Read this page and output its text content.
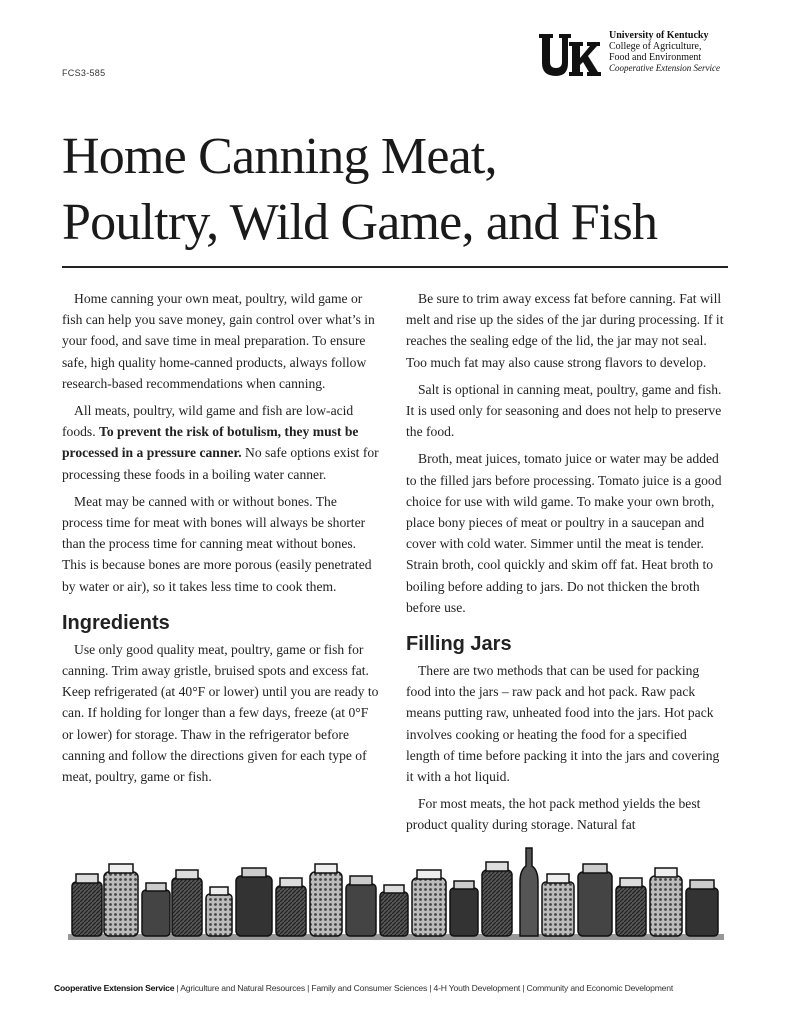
FCS3-585
University of Kentucky
College of Agriculture,
Food and Environment
Cooperative Extension Service
Home Canning Meat,
Poultry, Wild Game, and Fish

Home canning your own meat, poultry, wild game or fish can help you save money, gain control over what’s in your food, and save time in meal preparation. To ensure safe, high quality home-canned products, always follow research-based recommendations when canning.

All meats, poultry, wild game and fish are low-acid foods. To prevent the risk of botulism, they must be processed in a pressure canner. No safe options exist for processing these foods in a boiling water canner.

Meat may be canned with or without bones. The process time for meat with bones will always be shorter than the process time for canning meat without bones. This is because bones are more porous (easily penetrated by water or air), so it takes less time to cook them.

Ingredients

Use only good quality meat, poultry, game or fish for canning. Trim away gristle, bruised spots and excess fat. Keep refrigerated (at 40°F or lower) until you are ready to can. If holding for longer than a few days, freeze (at 0°F or lower) for storage. Thaw in the refrigerator before canning and follow the directions given for each type of meat, poultry, game or fish.

Be sure to trim away excess fat before canning. Fat will melt and rise up the sides of the jar during processing. If it reaches the sealing edge of the lid, the jar may not seal. Too much fat may also cause strong flavors to develop.

Salt is optional in canning meat, poultry, game and fish. It is used only for seasoning and does not help to preserve the food.

Broth, meat juices, tomato juice or water may be added to the filled jars before processing. Tomato juice is a good choice for use with wild game. To make your own broth, place bony pieces of meat or poultry in a saucepan and cover with cold water. Simmer until the meat is tender. Strain broth, cool quickly and skim off fat. Heat broth to boiling before adding to jars. Do not thicken the broth before use.

Filling Jars

There are two methods that can be used for packing food into the jars – raw pack and hot pack. Raw pack means putting raw, unheated food into the jars. Hot pack involves cooking or heating the food for a specified length of time before packing it into the jars and covering it with a hot liquid.

For most meats, the hot pack method yields the best product quality during storage. Natural fat

Cooperative Extension Service | Agriculture and Natural Resources | Family and Consumer Sciences | 4-H Youth Development | Community and Economic Development
